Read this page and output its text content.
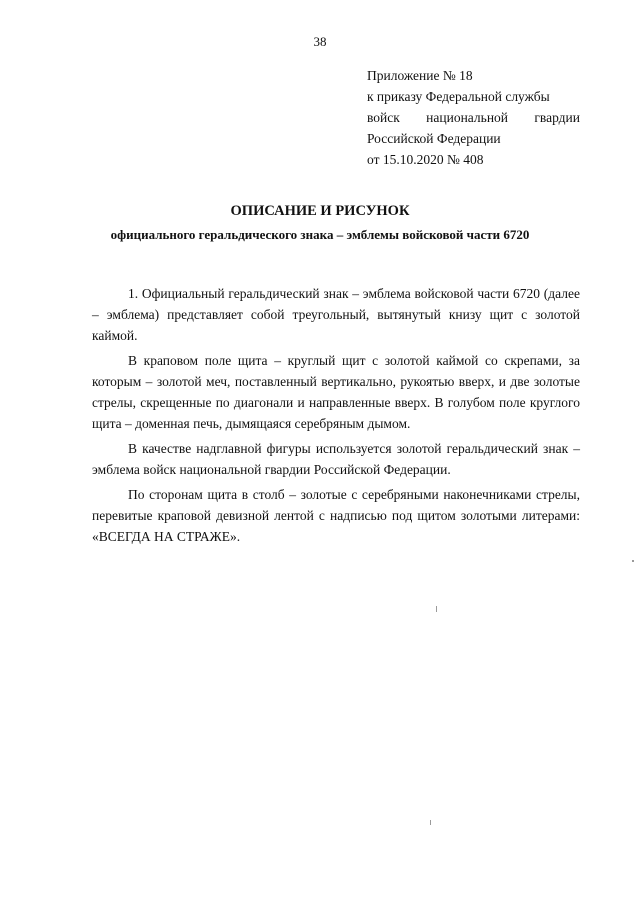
38
Приложение № 18
к приказу Федеральной службы
войск национальной гвардии
Российской Федерации
от 15.10.2020 № 408
ОПИСАНИЕ И РИСУНОК
официального геральдического знака – эмблемы войсковой части 6720

1. Официальный геральдический знак – эмблема войсковой части 6720 (далее – эмблема) представляет собой треугольный, вытянутый книзу щит с золотой каймой.

В краповом поле щита – круглый щит с золотой каймой со скрепами, за которым – золотой меч, поставленный вертикально, рукоятью вверх, и две золотые стрелы, скрещенные по диагонали и направленные вверх. В голубом поле круглого щита – доменная печь, дымящаяся серебряным дымом.

В качестве надглавной фигуры используется золотой геральдический знак – эмблема войск национальной гвардии Российской Федерации.

По сторонам щита в столб – золотые с серебряными наконечниками стрелы, перевитые краповой девизной лентой с надписью под щитом золотыми литерами: «ВСЕГДА НА СТРАЖЕ».
